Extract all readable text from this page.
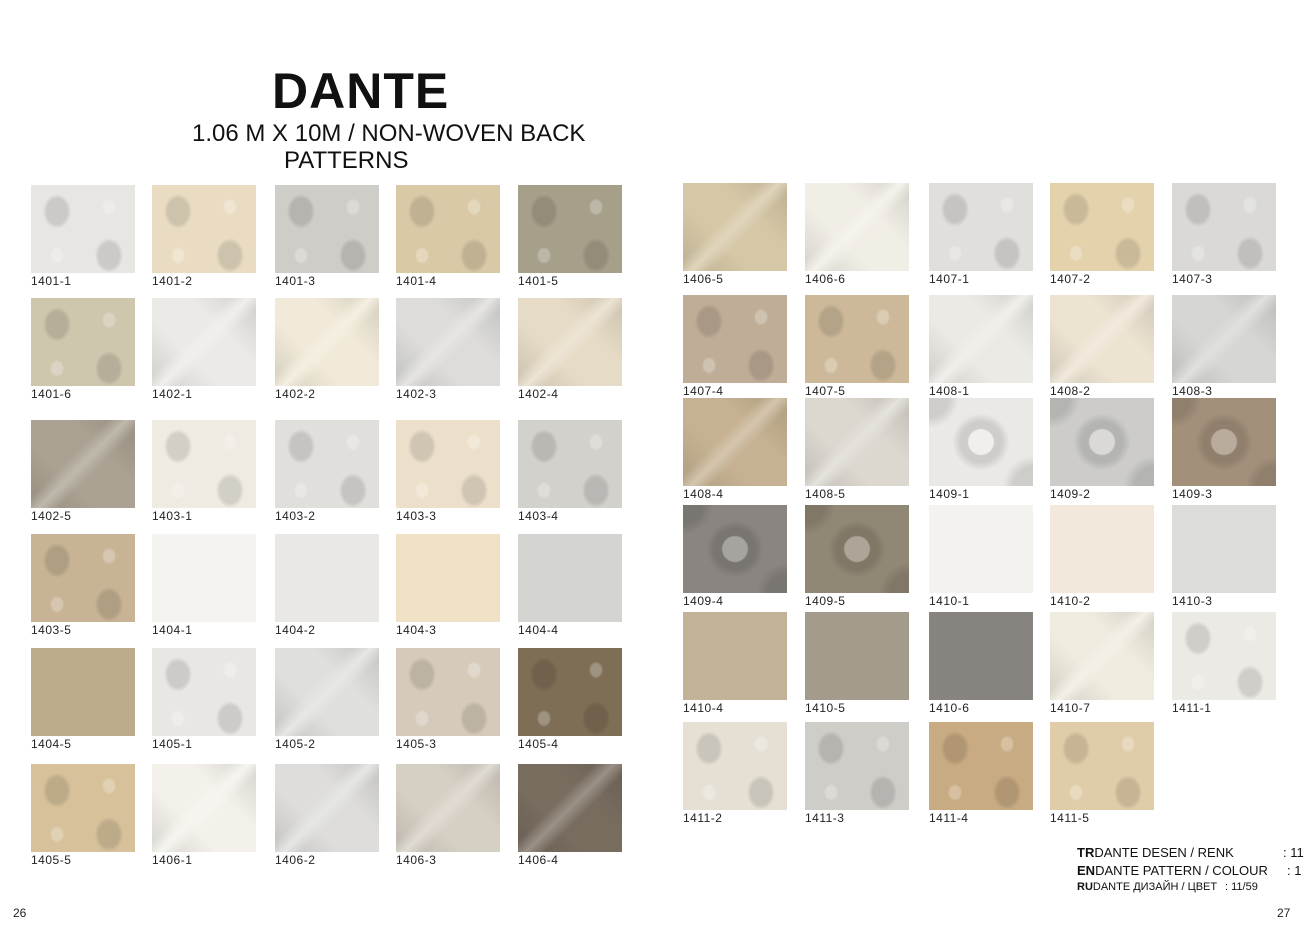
DANTE
1.06 M X 10M / NON-WOVEN BACK
PATTERNS
1401-1	1401-2	1401-3	1401-4	1401-5
1401-6	1402-1	1402-2	1402-3	1402-4
1402-5	1403-1	1403-2	1403-3	1403-4
1403-5	1404-1	1404-2	1404-3	1404-4
1404-5	1405-1	1405-2	1405-3	1405-4
1405-5	1406-1	1406-2	1406-3	1406-4
1406-5	1406-6	1407-1	1407-2	1407-3
1407-4	1407-5	1408-1	1408-2	1408-3
1408-4	1408-5	1409-1	1409-2	1409-3
1409-4	1409-5	1410-1	1410-2	1410-3
1410-4	1410-5	1410-6	1410-7	1411-1
1411-2	1411-3	1411-4	1411-5
TRDANTE DESEN / RENK	: 11
ENDANTE PATTERN / COLOUR : 1
RUDANTE ДИЗАЙН / ЦВЕТ : 11/59
26	27
